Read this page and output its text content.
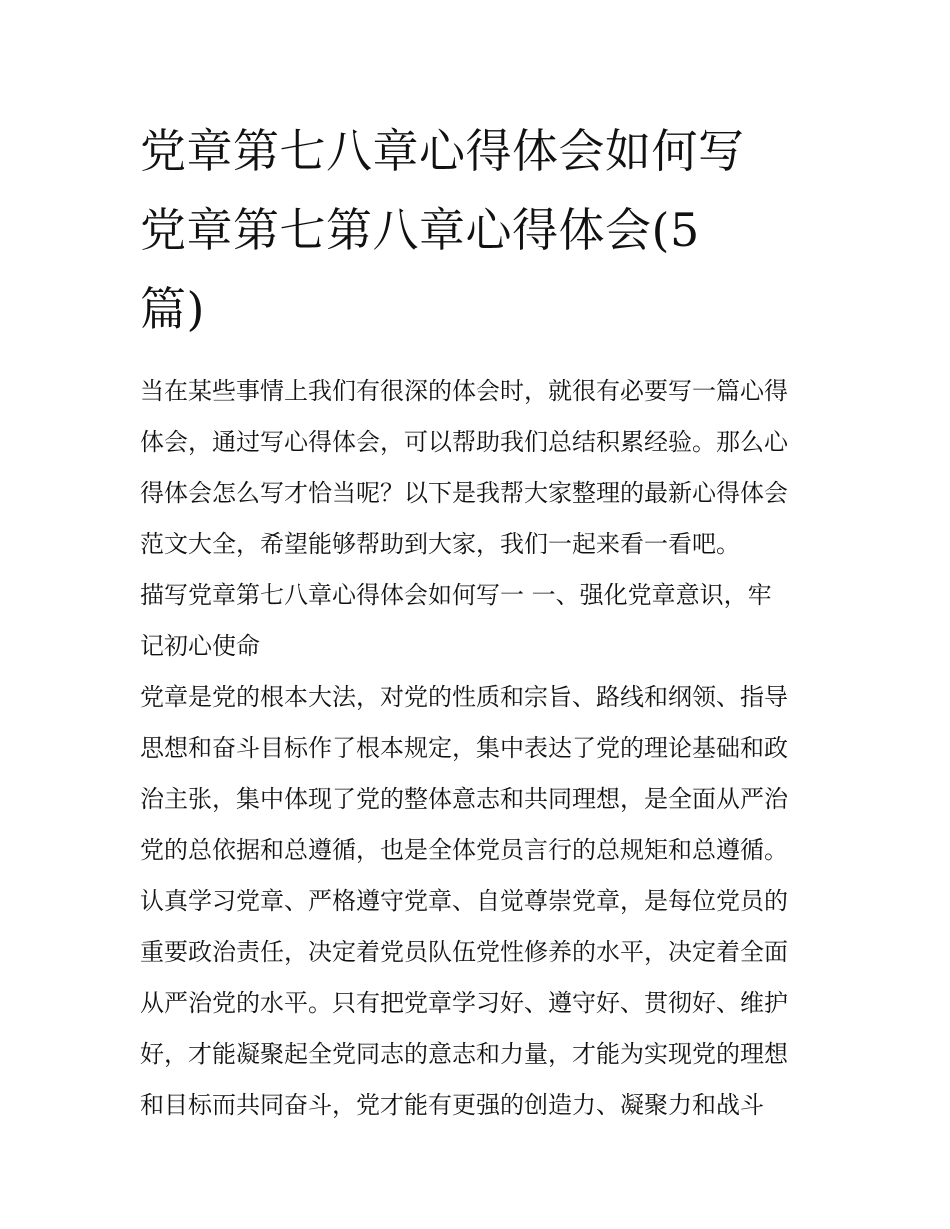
党章第七八章心得体会如何写
党章第七第八章心得体会(5
篇)
当在某些事情上我们有很深的体会时，就很有必要写一篇心得
体会，通过写心得体会，可以帮助我们总结积累经验。那么心
得体会怎么写才恰当呢？以下是我帮大家整理的最新心得体会
范文大全，希望能够帮助到大家，我们一起来看一看吧。
描写党章第七八章心得体会如何写一 一、强化党章意识，牢
记初心使命
党章是党的根本大法，对党的性质和宗旨、路线和纲领、指导
思想和奋斗目标作了根本规定，集中表达了党的理论基础和政
治主张，集中体现了党的整体意志和共同理想，是全面从严治
党的总依据和总遵循，也是全体党员言行的总规矩和总遵循。
认真学习党章、严格遵守党章、自觉尊崇党章，是每位党员的
重要政治责任，决定着党员队伍党性修养的水平，决定着全面
从严治党的水平。只有把党章学习好、遵守好、贯彻好、维护
好，才能凝聚起全党同志的意志和力量，才能为实现党的理想
和目标而共同奋斗，党才能有更强的创造力、凝聚力和战斗
